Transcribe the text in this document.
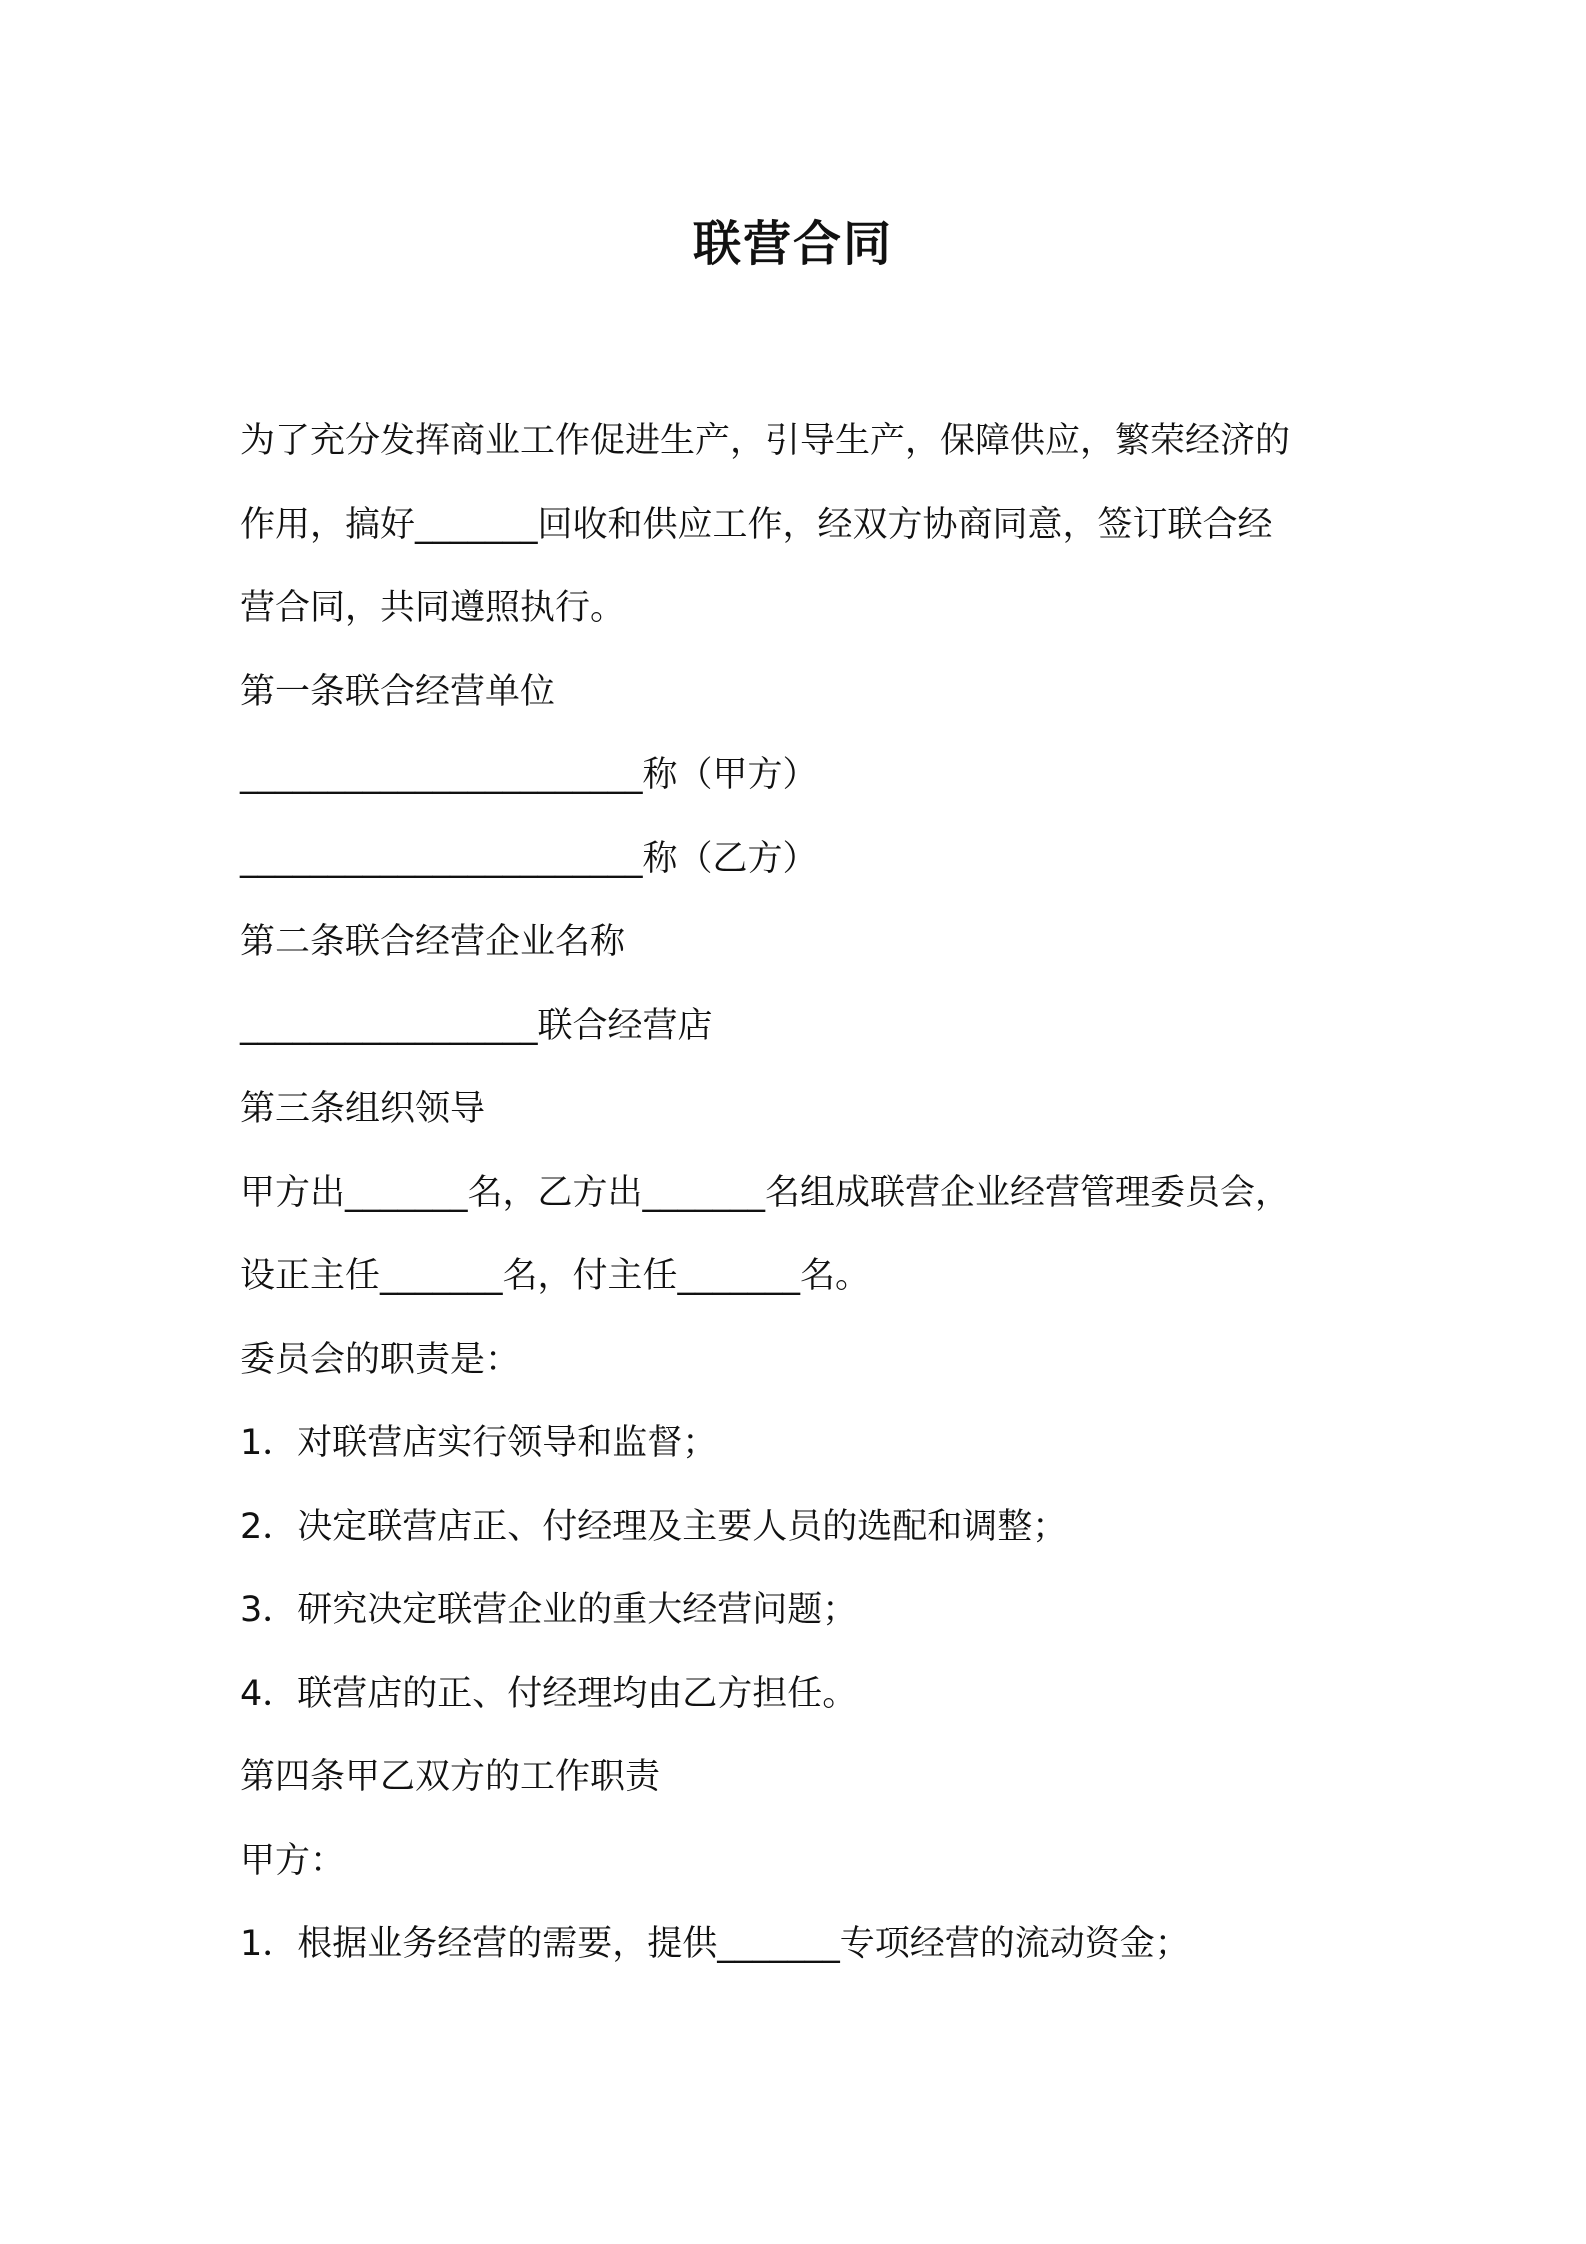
联营合同

为了充分发挥商业工作促进生产，引导生产，保障供应，繁荣经济的

作用，搞好_______回收和供应工作，经双方协商同意，签订联合经

营合同，共同遵照执行。

第一条联合经营单位

_______________________称（甲方）

_______________________称（乙方）

第二条联合经营企业名称

_________________联合经营店

第三条组织领导

甲方出_______名，乙方出_______名组成联营企业经营管理委员会，

设正主任_______名，付主任_______名。

委员会的职责是：

1．对联营店实行领导和监督；

2．决定联营店正、付经理及主要人员的选配和调整；

3．研究决定联营企业的重大经营问题；

4．联营店的正、付经理均由乙方担任。

第四条甲乙双方的工作职责

甲方：

1．根据业务经营的需要，提供_______专项经营的流动资金；
